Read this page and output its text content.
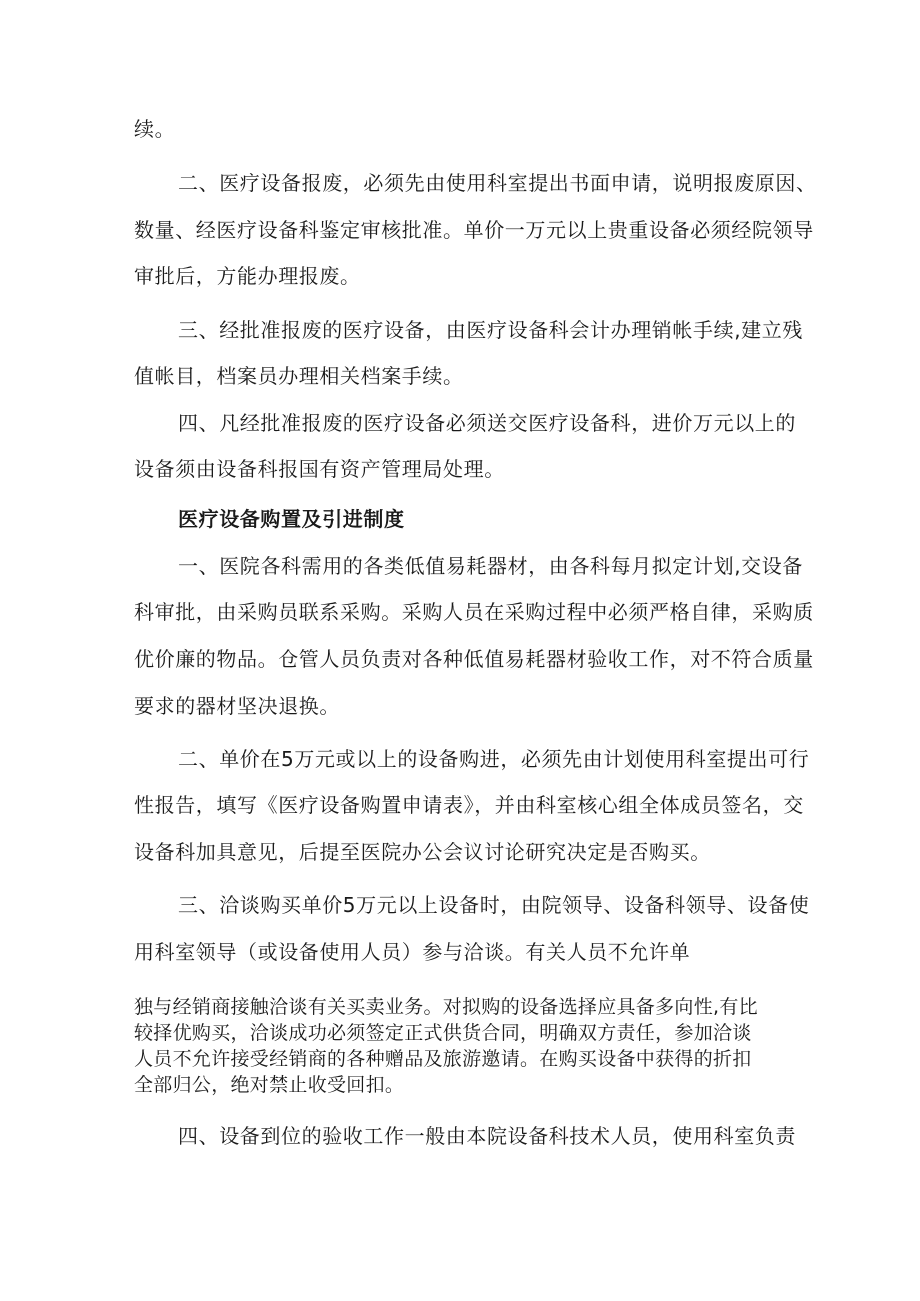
续。
二、医疗设备报废，必须先由使用科室提出书面申请，说明报废原因、
数量、经医疗设备科鉴定审核批准。单价一万元以上贵重设备必须经院领导
审批后，方能办理报废。
三、经批准报废的医疗设备，由医疗设备科会计办理销帐手续,建立残
值帐目，档案员办理相关档案手续。
四、凡经批准报废的医疗设备必须送交医疗设备科，进价万元以上的
设备须由设备科报国有资产管理局处理。
医疗设备购置及引进制度
一、医院各科需用的各类低值易耗器材，由各科每月拟定计划,交设备
科审批，由采购员联系采购。采购人员在采购过程中必须严格自律，采购质
优价廉的物品。仓管人员负责对各种低值易耗器材验收工作，对不符合质量
要求的器材坚决退换。
二、单价在5万元或以上的设备购进，必须先由计划使用科室提出可行
性报告，填写《医疗设备购置申请表》，并由科室核心组全体成员签名，交
设备科加具意见，后提至医院办公会议讨论研究决定是否购买。
三、洽谈购买单价5万元以上设备时，由院领导、设备科领导、设备使
用科室领导（或设备使用人员）参与洽谈。有关人员不允许单
独与经销商接触洽谈有关买卖业务。对拟购的设备选择应具备多向性,有比
较择优购买，洽谈成功必须签定正式供货合同，明确双方责任，参加洽谈
人员不允许接受经销商的各种赠品及旅游邀请。在购买设备中获得的折扣
全部归公，绝对禁止收受回扣。
四、设备到位的验收工作一般由本院设备科技术人员，使用科室负责
